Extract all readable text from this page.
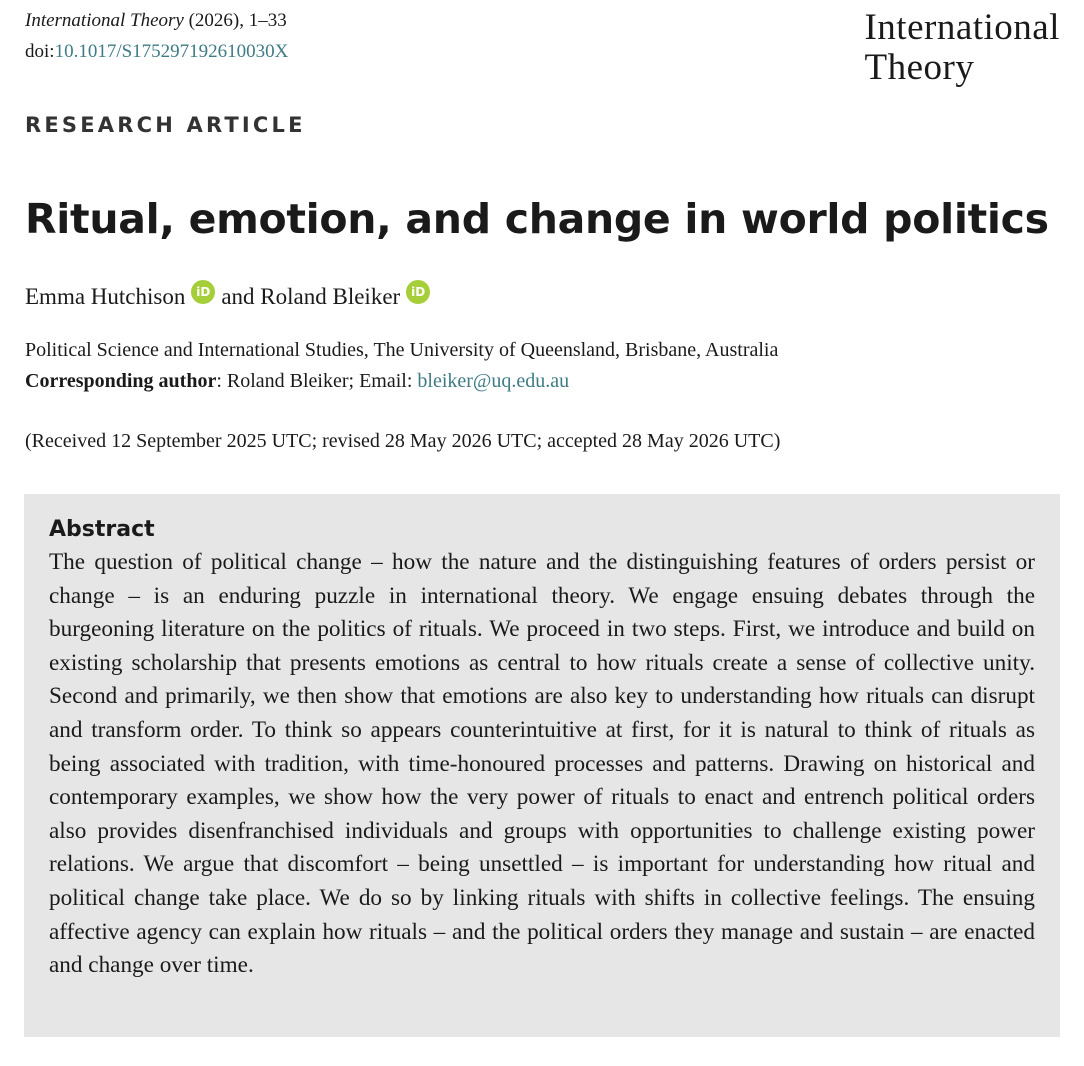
International Theory (2026), 1–33
doi:10.1017/S175297192610030X
International
Theory
RESEARCH ARTICLE
Ritual, emotion, and change in world politics
Emma Hutchison iD and Roland Bleiker iD
Political Science and International Studies, The University of Queensland, Brisbane, Australia
Corresponding author: Roland Bleiker; Email: bleiker@uq.edu.au
(Received 12 September 2025 UTC; revised 28 May 2026 UTC; accepted 28 May 2026 UTC)
Abstract

The question of political change – how the nature and the distinguishing features of orders persist or change – is an enduring puzzle in international theory. We engage ensuing debates through the burgeoning literature on the politics of rituals. We proceed in two steps. First, we introduce and build on existing scholarship that presents emotions as central to how rituals create a sense of collective unity. Second and primarily, we then show that emotions are also key to understanding how rituals can disrupt and transform order. To think so appears counterintuitive at first, for it is natural to think of rituals as being associated with tradition, with time-honoured processes and patterns. Drawing on historical and contemporary examples, we show how the very power of rituals to enact and entrench political orders also provides disenfranchised individuals and groups with opportunities to challenge existing power relations. We argue that discomfort – being unsettled – is important for understanding how ritual and political change take place. We do so by linking rituals with shifts in collective feelings. The ensuing affective agency can explain how rituals – and the political orders they manage and sustain – are enacted and change over time.
